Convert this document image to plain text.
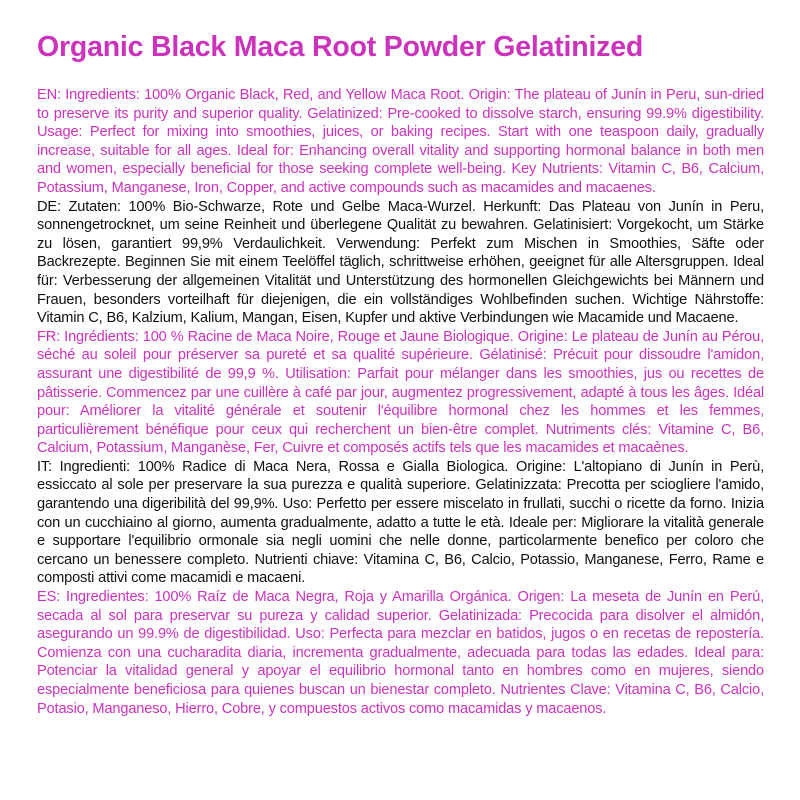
Organic Black Maca Root Powder Gelatinized

EN: Ingredients: 100% Organic Black, Red, and Yellow Maca Root. Origin: The plateau of Junín in Peru, sun-dried to preserve its purity and superior quality. Gelatinized: Pre-cooked to dissolve starch, ensuring 99.9% digestibility. Usage: Perfect for mixing into smoothies, juices, or baking recipes. Start with one teaspoon daily, gradually increase, suitable for all ages. Ideal for: Enhancing overall vitality and supporting hormonal balance in both men and women, especially beneficial for those seeking complete well-being. Key Nutrients: Vitamin C, B6, Calcium, Potassium, Manganese, Iron, Copper, and active compounds such as macamides and macaenes.

DE: Zutaten: 100% Bio-Schwarze, Rote und Gelbe Maca-Wurzel. Herkunft: Das Plateau von Junín in Peru, sonnengetrocknet, um seine Reinheit und überlegene Qualität zu bewahren. Gelatinisiert: Vorgekocht, um Stärke zu lösen, garantiert 99,9% Verdaulichkeit. Verwendung: Perfekt zum Mischen in Smoothies, Säfte oder Backrezepte. Beginnen Sie mit einem Teelöffel täglich, schrittweise erhöhen, geeignet für alle Altersgruppen. Ideal für: Verbesserung der allgemeinen Vitalität und Unterstützung des hormonellen Gleichgewichts bei Männern und Frauen, besonders vorteilhaft für diejenigen, die ein vollständiges Wohlbefinden suchen. Wichtige Nährstoffe: Vitamin C, B6, Kalzium, Kalium, Mangan, Eisen, Kupfer und aktive Verbindungen wie Macamide und Macaene.

FR: Ingrédients: 100 % Racine de Maca Noire, Rouge et Jaune Biologique. Origine: Le plateau de Junín au Pérou, séché au soleil pour préserver sa pureté et sa qualité supérieure. Gélatinisé: Précuit pour dissoudre l'amidon, assurant une digestibilité de 99,9 %. Utilisation: Parfait pour mélanger dans les smoothies, jus ou recettes de pâtisserie. Commencez par une cuillère à café par jour, augmentez progressivement, adapté à tous les âges. Idéal pour: Améliorer la vitalité générale et soutenir l'équilibre hormonal chez les hommes et les femmes, particulièrement bénéfique pour ceux qui recherchent un bien-être complet. Nutriments clés: Vitamine C, B6, Calcium, Potassium, Manganèse, Fer, Cuivre et composés actifs tels que les macamides et macaènes.

IT: Ingredienti: 100% Radice di Maca Nera, Rossa e Gialla Biologica. Origine: L'altopiano di Junín in Perù, essiccato al sole per preservare la sua purezza e qualità superiore. Gelatinizzata: Precotta per sciogliere l'amido, garantendo una digeribilità del 99,9%. Uso: Perfetto per essere miscelato in frullati, succhi o ricette da forno. Inizia con un cucchiaino al giorno, aumenta gradualmente, adatto a tutte le età. Ideale per: Migliorare la vitalità generale e supportare l'equilibrio ormonale sia negli uomini che nelle donne, particolarmente benefico per coloro che cercano un benessere completo. Nutrienti chiave: Vitamina C, B6, Calcio, Potassio, Manganese, Ferro, Rame e composti attivi come macamidi e macaeni.

ES: Ingredientes: 100% Raíz de Maca Negra, Roja y Amarilla Orgánica. Origen: La meseta de Junín en Perú, secada al sol para preservar su pureza y calidad superior. Gelatinizada: Precocida para disolver el almidón, asegurando un 99.9% de digestibilidad. Uso: Perfecta para mezclar en batidos, jugos o en recetas de repostería. Comienza con una cucharadita diaria, incrementa gradualmente, adecuada para todas las edades. Ideal para: Potenciar la vitalidad general y apoyar el equilibrio hormonal tanto en hombres como en mujeres, siendo especialmente beneficiosa para quienes buscan un bienestar completo. Nutrientes Clave: Vitamina C, B6, Calcio, Potasio, Manganeso, Hierro, Cobre, y compuestos activos como macamidas y macaenos.
